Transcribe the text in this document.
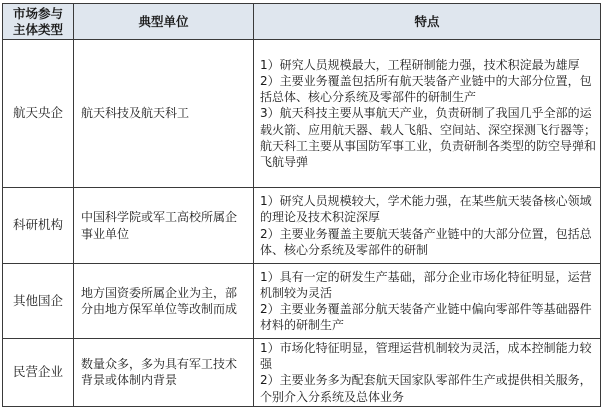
市场参与
主体类型	典型单位	特点
航天央企	航天科技及航天科工	1）研究人员规模最大，工程研制能力强，技术积淀最为雄厚

2）主要业务覆盖包括所有航天装备产业链中的大部分位置，包括总体、核心分系统及零部件的研制生产

3）航天科技主要从事航天产业，负责研制了我国几乎全部的运载火箭、应用航天器、载人飞船、空间站、深空探测飞行器等；航天科工主要从事国防军事工业，负责研制各类型的防空导弹和飞航导弹

科研机构	中国科学院或军工高校所属企事业单位	1）研究人员规模较大，学术能力强，在某些航天装备核心领域的理论及技术积淀深厚

2）主要业务覆盖主要航天装备产业链中的大部分位置，包括总体、核心分系统及零部件的研制

其他国企	地方国资委所属企业为主，部分由地方保军单位等改制而成	1）具有一定的研发生产基础，部分企业市场化特征明显，运营机制较为灵活

2）主要业务覆盖部分航天装备产业链中偏向零部件等基础器件材料的研制生产

民营企业	数量众多，多为具有军工技术背景或体制内背景	1）市场化特征明显，管理运营机制较为灵活，成本控制能力较强

2）主要业务多为配套航天国家队零部件生产或提供相关服务，个别介入分系统及总体业务
